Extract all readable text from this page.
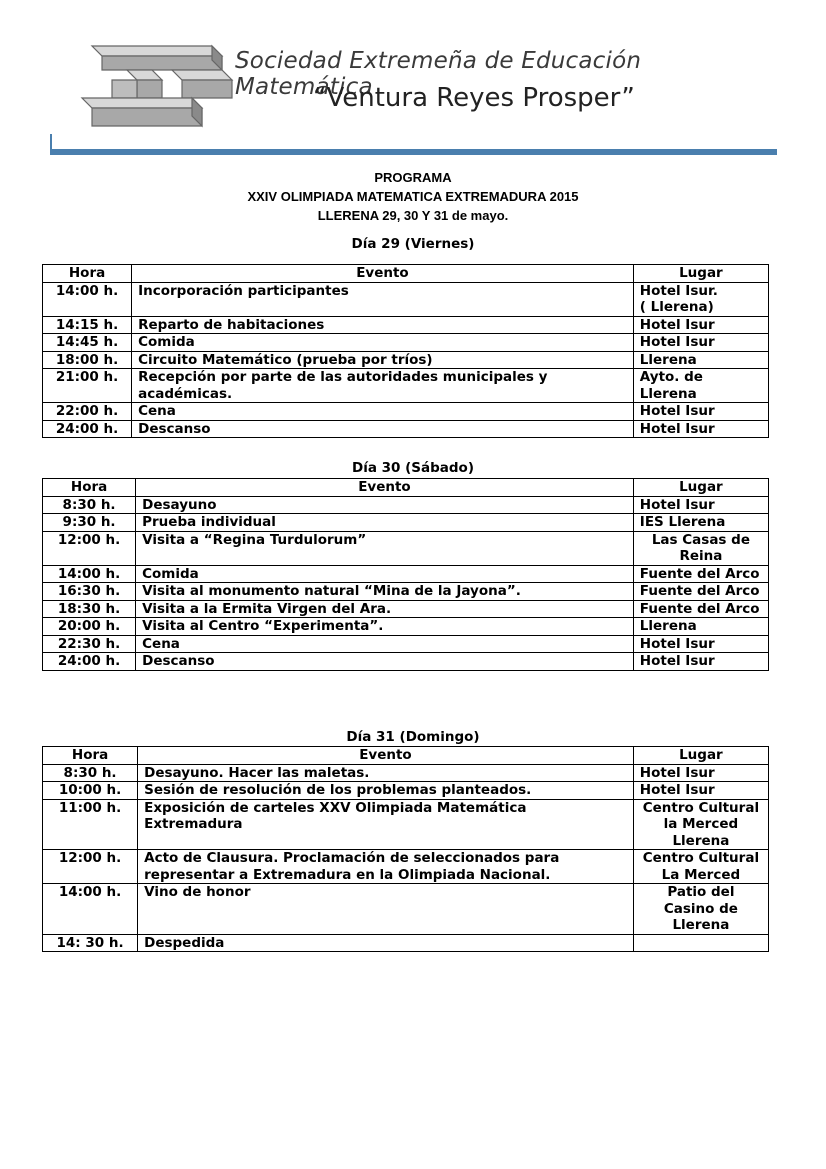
Sociedad Extremeña de Educación Matemática
“Ventura Reyes Prosper”
PROGRAMA
XXIV OLIMPIADA MATEMATICA EXTREMADURA 2015
LLERENA 29, 30 Y 31 de mayo.
Día 29 (Viernes)
Hora	Evento	Lugar
14:00 h.	Incorporación participantes	Hotel Isur.
( Llerena)
14:15 h.	Reparto de habitaciones	Hotel Isur
14:45 h.	Comida	Hotel Isur
18:00 h.	Circuito Matemático (prueba por tríos)	Llerena
21:00 h.	Recepción por parte de las autoridades municipales y académicas.	Ayto. de Llerena
22:00 h.	Cena	Hotel Isur
24:00 h.	Descanso	Hotel Isur
Día 30 (Sábado)
Hora	Evento	Lugar
8:30 h.	Desayuno	Hotel Isur
9:30 h.	Prueba individual	IES Llerena
12:00 h.	Visita a “Regina Turdulorum”	Las Casas de Reina
14:00 h.	Comida	Fuente del Arco
16:30 h.	Visita al monumento natural “Mina de la Jayona”.	Fuente del Arco
18:30 h.	Visita a la Ermita Virgen del Ara.	Fuente del Arco
20:00 h.	Visita al Centro “Experimenta”.	Llerena
22:30 h.	Cena	Hotel Isur
24:00 h.	Descanso	Hotel Isur
Día 31 (Domingo)
Hora	Evento	Lugar
8:30 h.	Desayuno. Hacer las maletas.	Hotel Isur
10:00 h.	Sesión de resolución de los problemas planteados.	Hotel Isur
11:00 h.	Exposición de carteles XXV Olimpiada Matemática Extremadura	Centro Cultural la Merced Llerena
12:00 h.	Acto de Clausura. Proclamación de seleccionados para representar a Extremadura en la Olimpiada Nacional.	Centro Cultural La Merced
14:00 h.	Vino de honor	Patio del Casino de Llerena
14: 30 h.	Despedida	
